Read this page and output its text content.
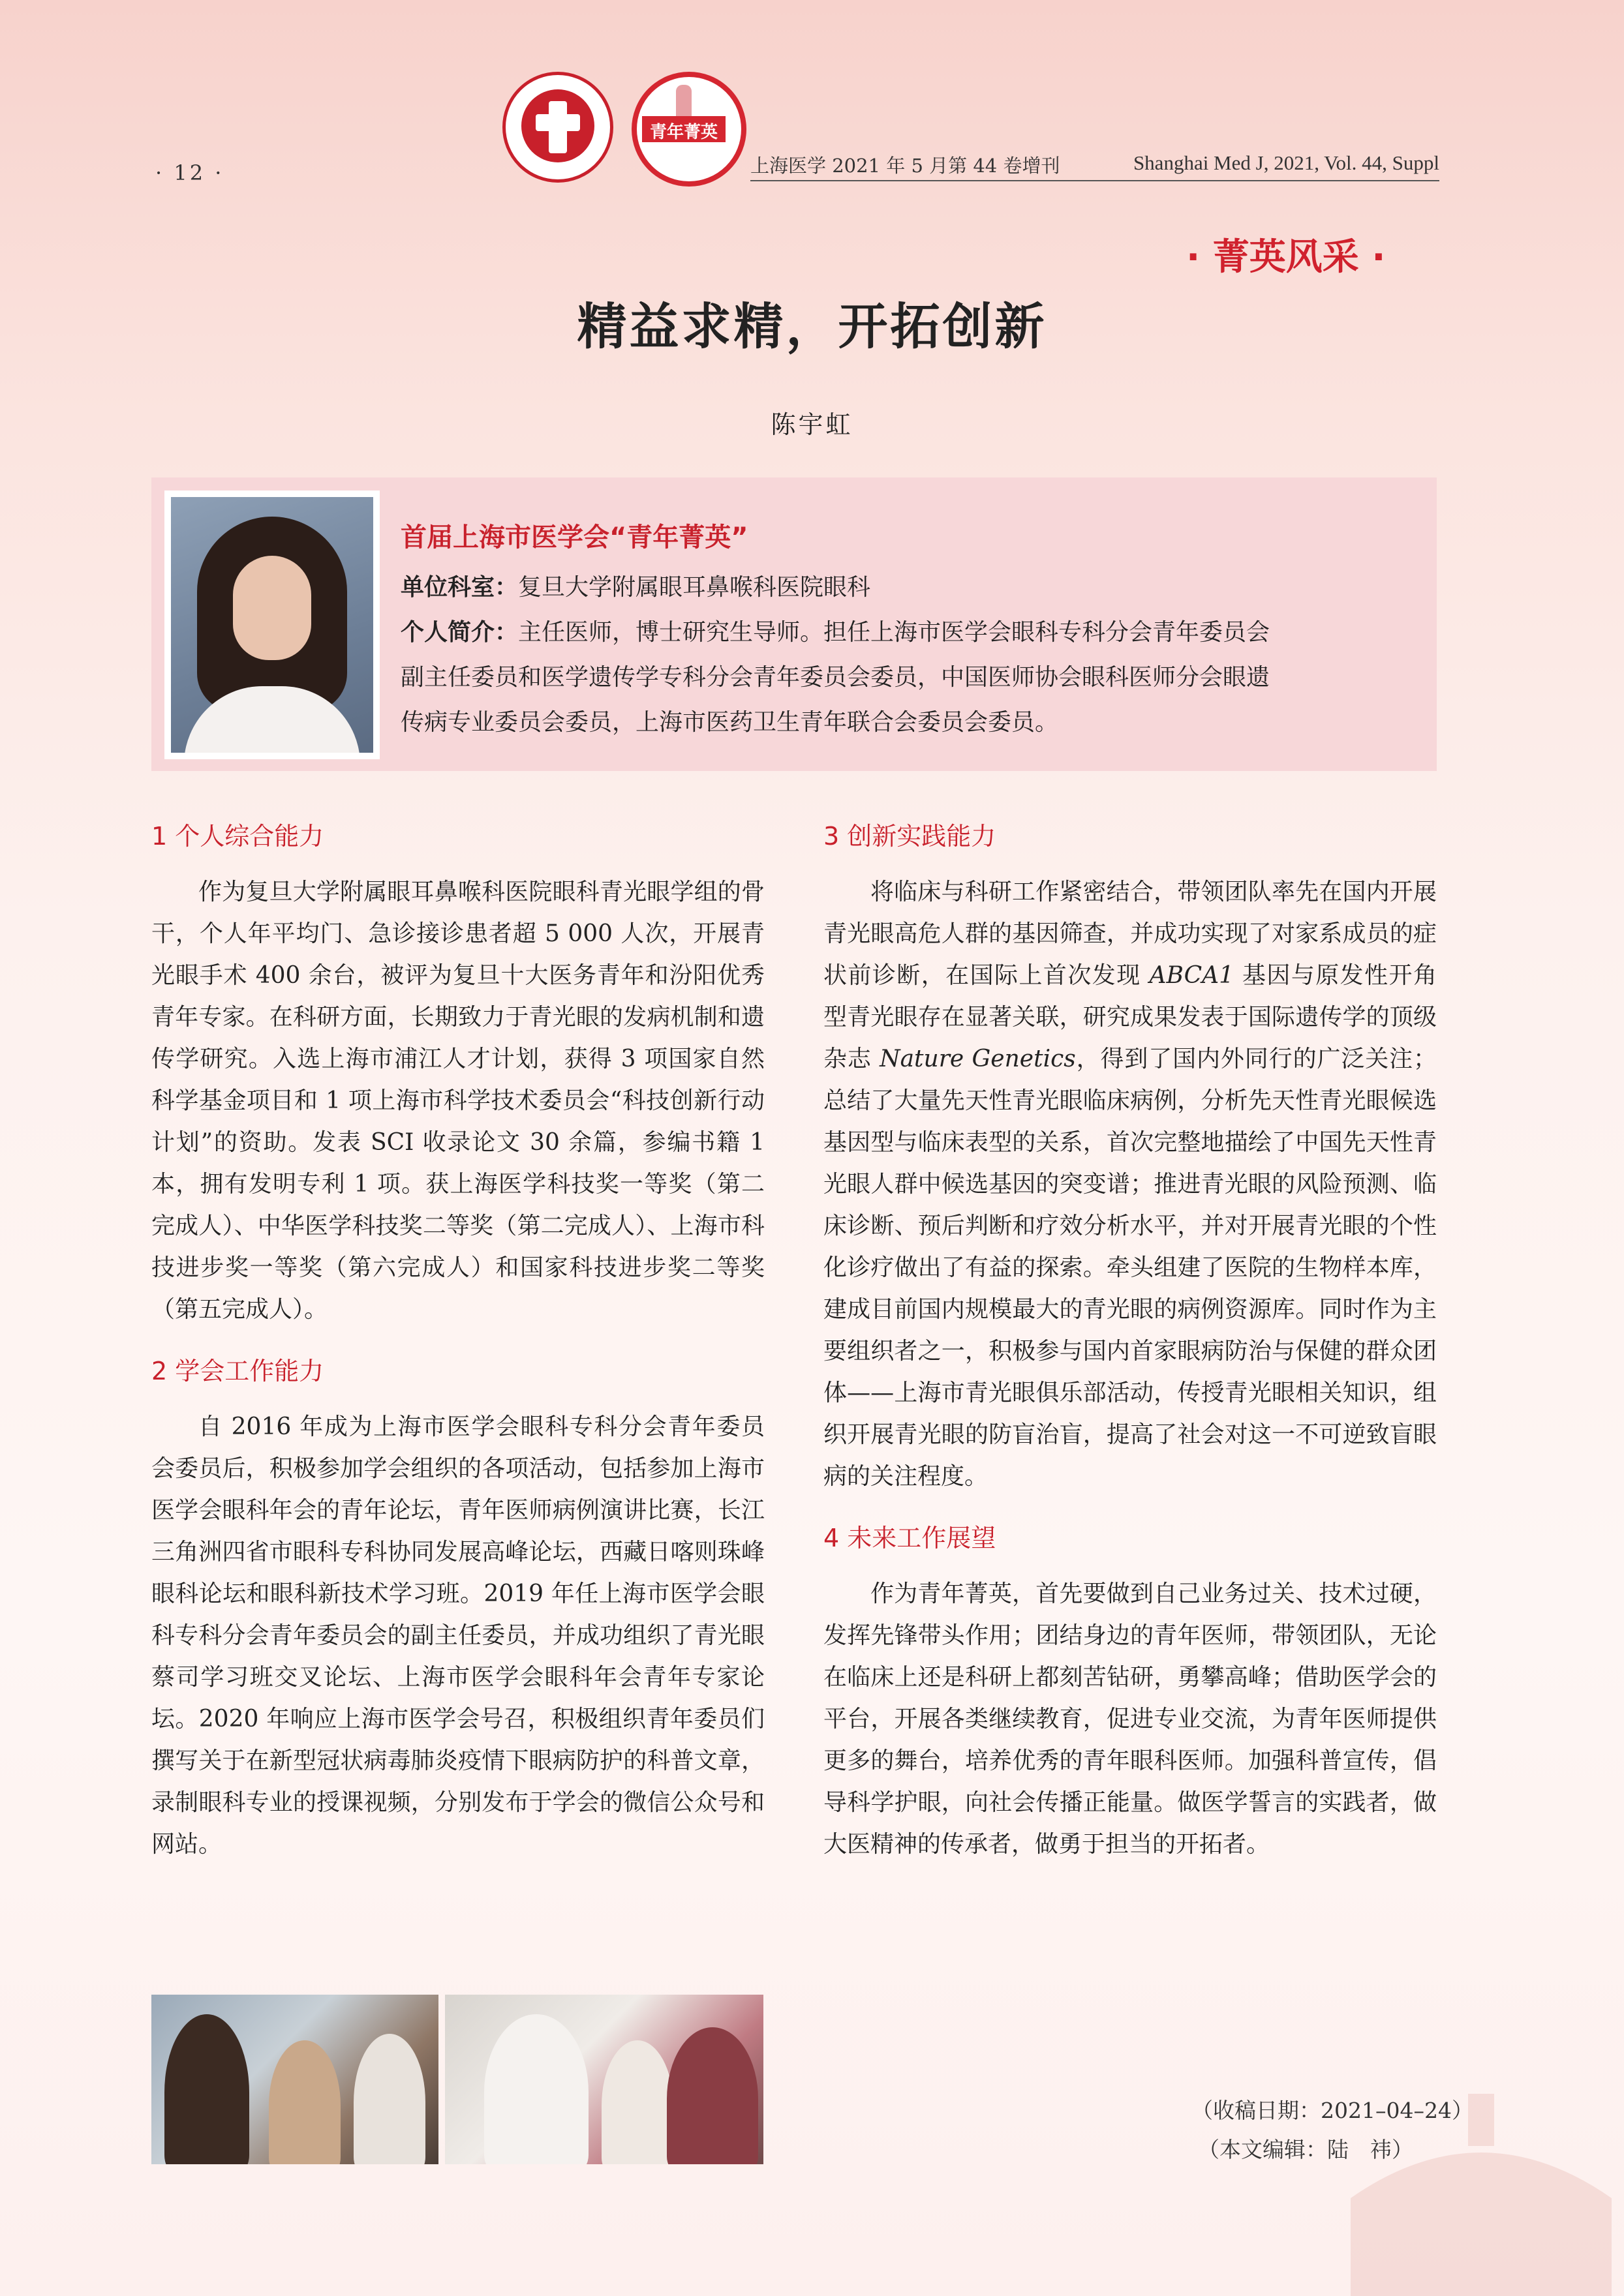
· 12 ·
青年菁英
上海医学 2021 年 5 月第 44 卷增刊	Shanghai Med J, 2021, Vol. 44, Suppl
· 菁英风采 ·
精益求精，开拓创新
陈宇虹
首届上海市医学会“青年菁英”
单位科室：复旦大学附属眼耳鼻喉科医院眼科
个人简介：主任医师，博士研究生导师。担任上海市医学会眼科专科分会青年委员会
副主任委员和医学遗传学专科分会青年委员会委员，中国医师协会眼科医师分会眼遗
传病专业委员会委员，上海市医药卫生青年联合会委员会委员。
1 个人综合能力

作为复旦大学附属眼耳鼻喉科医院眼科青光眼学组的骨干，个人年平均门、急诊接诊患者超 5 000 人次，开展青光眼手术 400 余台，被评为复旦十大医务青年和汾阳优秀青年专家。在科研方面，长期致力于青光眼的发病机制和遗传学研究。入选上海市浦江人才计划，获得 3 项国家自然科学基金项目和 1 项上海市科学技术委员会“科技创新行动计划”的资助。发表 SCI 收录论文 30 余篇，参编书籍 1 本，拥有发明专利 1 项。获上海医学科技奖一等奖（第二完成人）、中华医学科技奖二等奖（第二完成人）、上海市科技进步奖一等奖（第六完成人）和国家科技进步奖二等奖（第五完成人）。

2 学会工作能力

自 2016 年成为上海市医学会眼科专科分会青年委员会委员后，积极参加学会组织的各项活动，包括参加上海市医学会眼科年会的青年论坛，青年医师病例演讲比赛，长江三角洲四省市眼科专科协同发展高峰论坛，西藏日喀则珠峰眼科论坛和眼科新技术学习班。2019 年任上海市医学会眼科专科分会青年委员会的副主任委员，并成功组织了青光眼蔡司学习班交叉论坛、上海市医学会眼科年会青年专家论坛。2020 年响应上海市医学会号召，积极组织青年委员们撰写关于在新型冠状病毒肺炎疫情下眼病防护的科普文章，录制眼科专业的授课视频，分别发布于学会的微信公众号和网站。

3 创新实践能力

将临床与科研工作紧密结合，带领团队率先在国内开展青光眼高危人群的基因筛查，并成功实现了对家系成员的症状前诊断，在国际上首次发现 ABCA1 基因与原发性开角型青光眼存在显著关联，研究成果发表于国际遗传学的顶级杂志 Nature Genetics，得到了国内外同行的广泛关注；总结了大量先天性青光眼临床病例，分析先天性青光眼候选基因型与临床表型的关系，首次完整地描绘了中国先天性青光眼人群中候选基因的突变谱；推进青光眼的风险预测、临床诊断、预后判断和疗效分析水平，并对开展青光眼的个性化诊疗做出了有益的探索。牵头组建了医院的生物样本库，建成目前国内规模最大的青光眼的病例资源库。同时作为主要组织者之一，积极参与国内首家眼病防治与保健的群众团体——上海市青光眼俱乐部活动，传授青光眼相关知识，组织开展青光眼的防盲治盲，提高了社会对这一不可逆致盲眼病的关注程度。

4 未来工作展望

作为青年菁英，首先要做到自己业务过关、技术过硬，发挥先锋带头作用；团结身边的青年医师，带领团队，无论在临床上还是科研上都刻苦钻研，勇攀高峰；借助医学会的平台，开展各类继续教育，促进专业交流，为青年医师提供更多的舞台，培养优秀的青年眼科医师。加强科普宣传，倡导科学护眼，向社会传播正能量。做医学誓言的实践者，做大医精神的传承者，做勇于担当的开拓者。

（收稿日期：2021–04–24）
（本文编辑：陆　祎）
